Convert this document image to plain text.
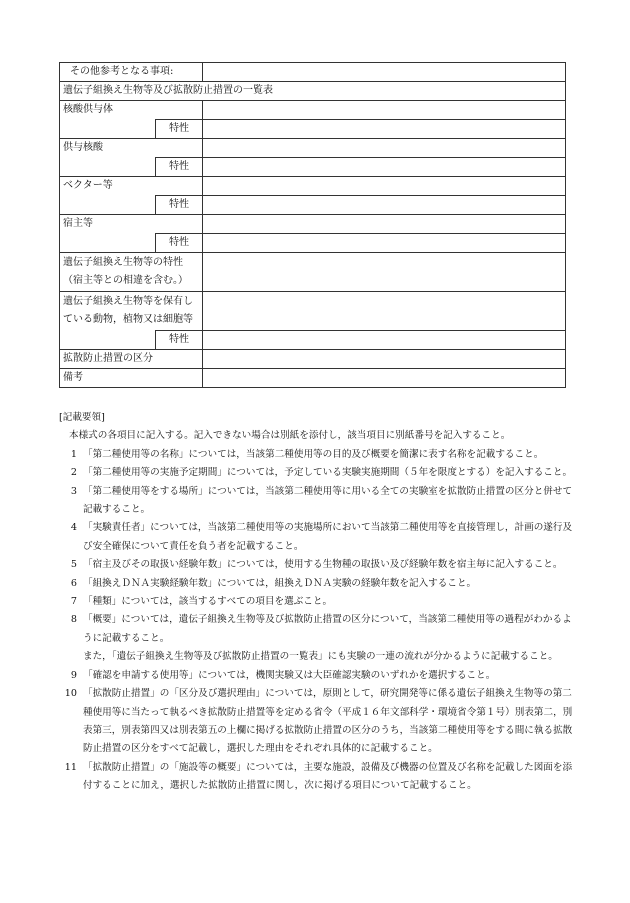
その他参考となる事項:		
遺伝子組換え生物等及び拡散防止措置の一覧表		
核酸供与体		
	特性	
供与核酸		
	特性	
ベクター等		
	特性	
宿主等		
	特性	

遺伝子組換え生物等の特性
（宿主等との相違を含む。）		

遺伝子組換え生物等を保有し
ている動物，植物又は細胞等		

	特性	
拡散防止措置の区分		
備考		
[記載要領]
本様式の各項目に記入する。記入できない場合は別紙を添付し，該当項目に別紙番号を記入すること。
1 「第二種使用等の名称」については，当該第二種使用等の目的及び概要を簡潔に表す名称を記載すること。
2 「第二種使用等の実施予定期間」については，予定している実験実施期間（５年を限度とする）を記入すること。
3 「第二種使用等をする場所」については，当該第二種使用等に用いる全ての実験室を拡散防止措置の区分と併せて記載すること。
4 「実験責任者」については，当該第二種使用等の実施場所において当該第二種使用等を直接管理し，計画の遂行及び安全確保について責任を負う者を記載すること。
5 「宿主及びその取扱い経験年数」については，使用する生物種の取扱い及び経験年数を宿主毎に記入すること。
6 「組換えＤＮＡ実験経験年数」については，組換えＤＮＡ実験の経験年数を記入すること。
7 「種類」については，該当するすべての項目を選ぶこと。
8 「概要」については，遺伝子組換え生物等及び拡散防止措置の区分について，当該第二種使用等の過程がわかるように記載すること。
また，「遺伝子組換え生物等及び拡散防止措置の一覧表」にも実験の一連の流れが分かるように記載すること。
9 「確認を申請する使用等」については，機関実験又は大臣確認実験のいずれかを選択すること。
10 「拡散防止措置」の「区分及び選択理由」については，原則として，研究開発等に係る遺伝子組換え生物等の第二種使用等に当たって執るべき拡散防止措置等を定める省令（平成１６年文部科学・環境省令第１号）別表第二，別表第三，別表第四又は別表第五の上欄に掲げる拡散防止措置の区分のうち，当該第二種使用等をする間に執る拡散防止措置の区分をすべて記載し，選択した理由をそれぞれ具体的に記載すること。
11 「拡散防止措置」の「施設等の概要」については，主要な施設，設備及び機器の位置及び名称を記載した図面を添付することに加え，選択した拡散防止措置に関し，次に掲げる項目について記載すること。
